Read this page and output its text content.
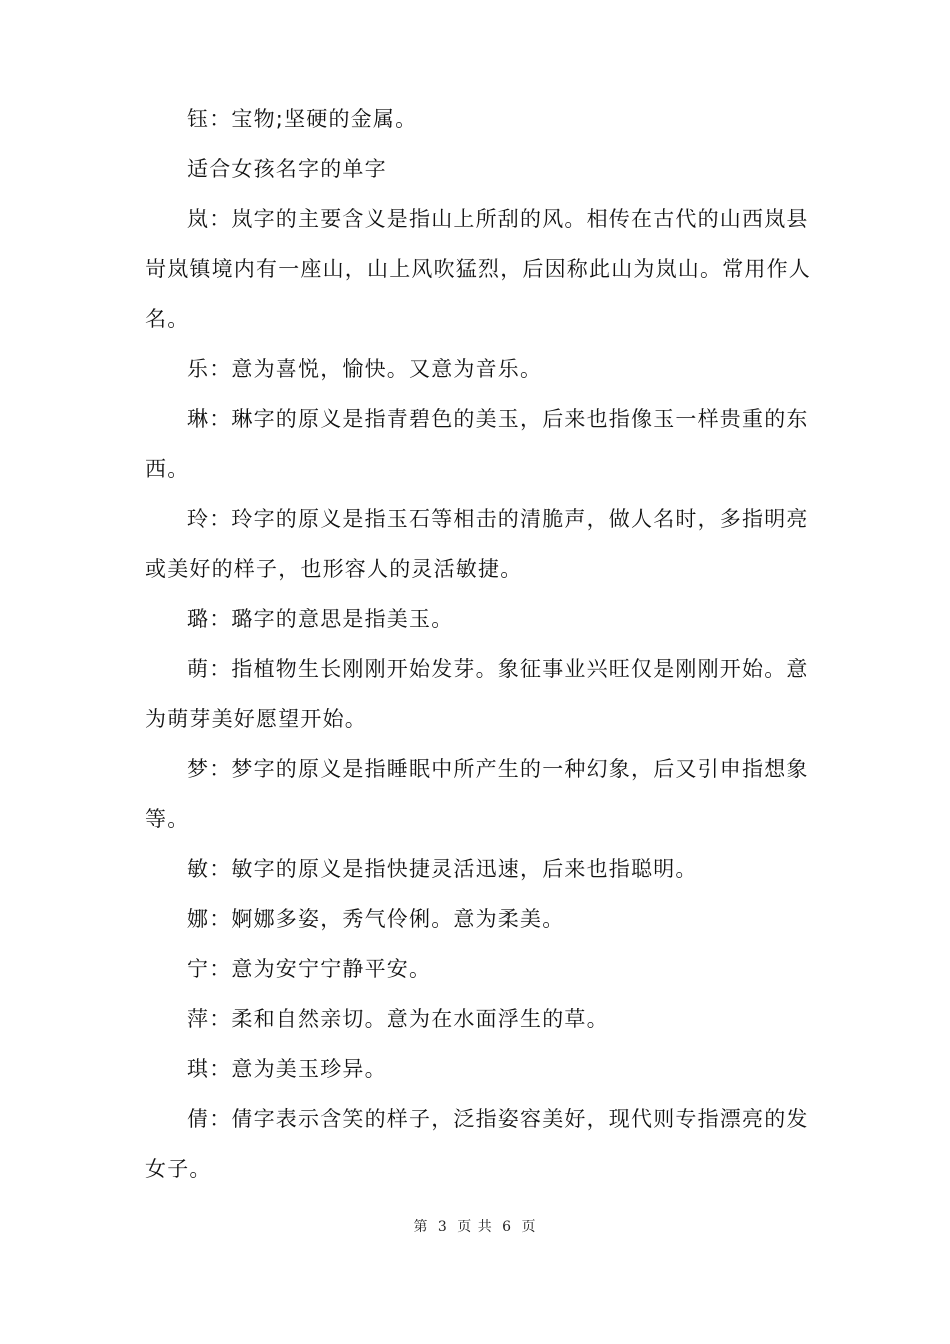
钰：宝物;坚硬的金属。

适合女孩名字的单字

岚：岚字的主要含义是指山上所刮的风。相传在古代的山西岚县岢岚镇境内有一座山，山上风吹猛烈，后因称此山为岚山。常用作人名。

乐：意为喜悦，愉快。又意为音乐。

琳：琳字的原义是指青碧色的美玉，后来也指像玉一样贵重的东西。

玲：玲字的原义是指玉石等相击的清脆声，做人名时，多指明亮或美好的样子，也形容人的灵活敏捷。

璐：璐字的意思是指美玉。

萌：指植物生长刚刚开始发芽。象征事业兴旺仅是刚刚开始。意为萌芽美好愿望开始。

梦：梦字的原义是指睡眠中所产生的一种幻象，后又引申指想象等。

敏：敏字的原义是指快捷灵活迅速，后来也指聪明。

娜：婀娜多姿，秀气伶俐。意为柔美。

宁：意为安宁宁静平安。

萍：柔和自然亲切。意为在水面浮生的草。

琪：意为美玉珍异。

倩：倩字表示含笑的样子，泛指姿容美好，现代则专指漂亮的发女子。

第 3 页 共 6 页
